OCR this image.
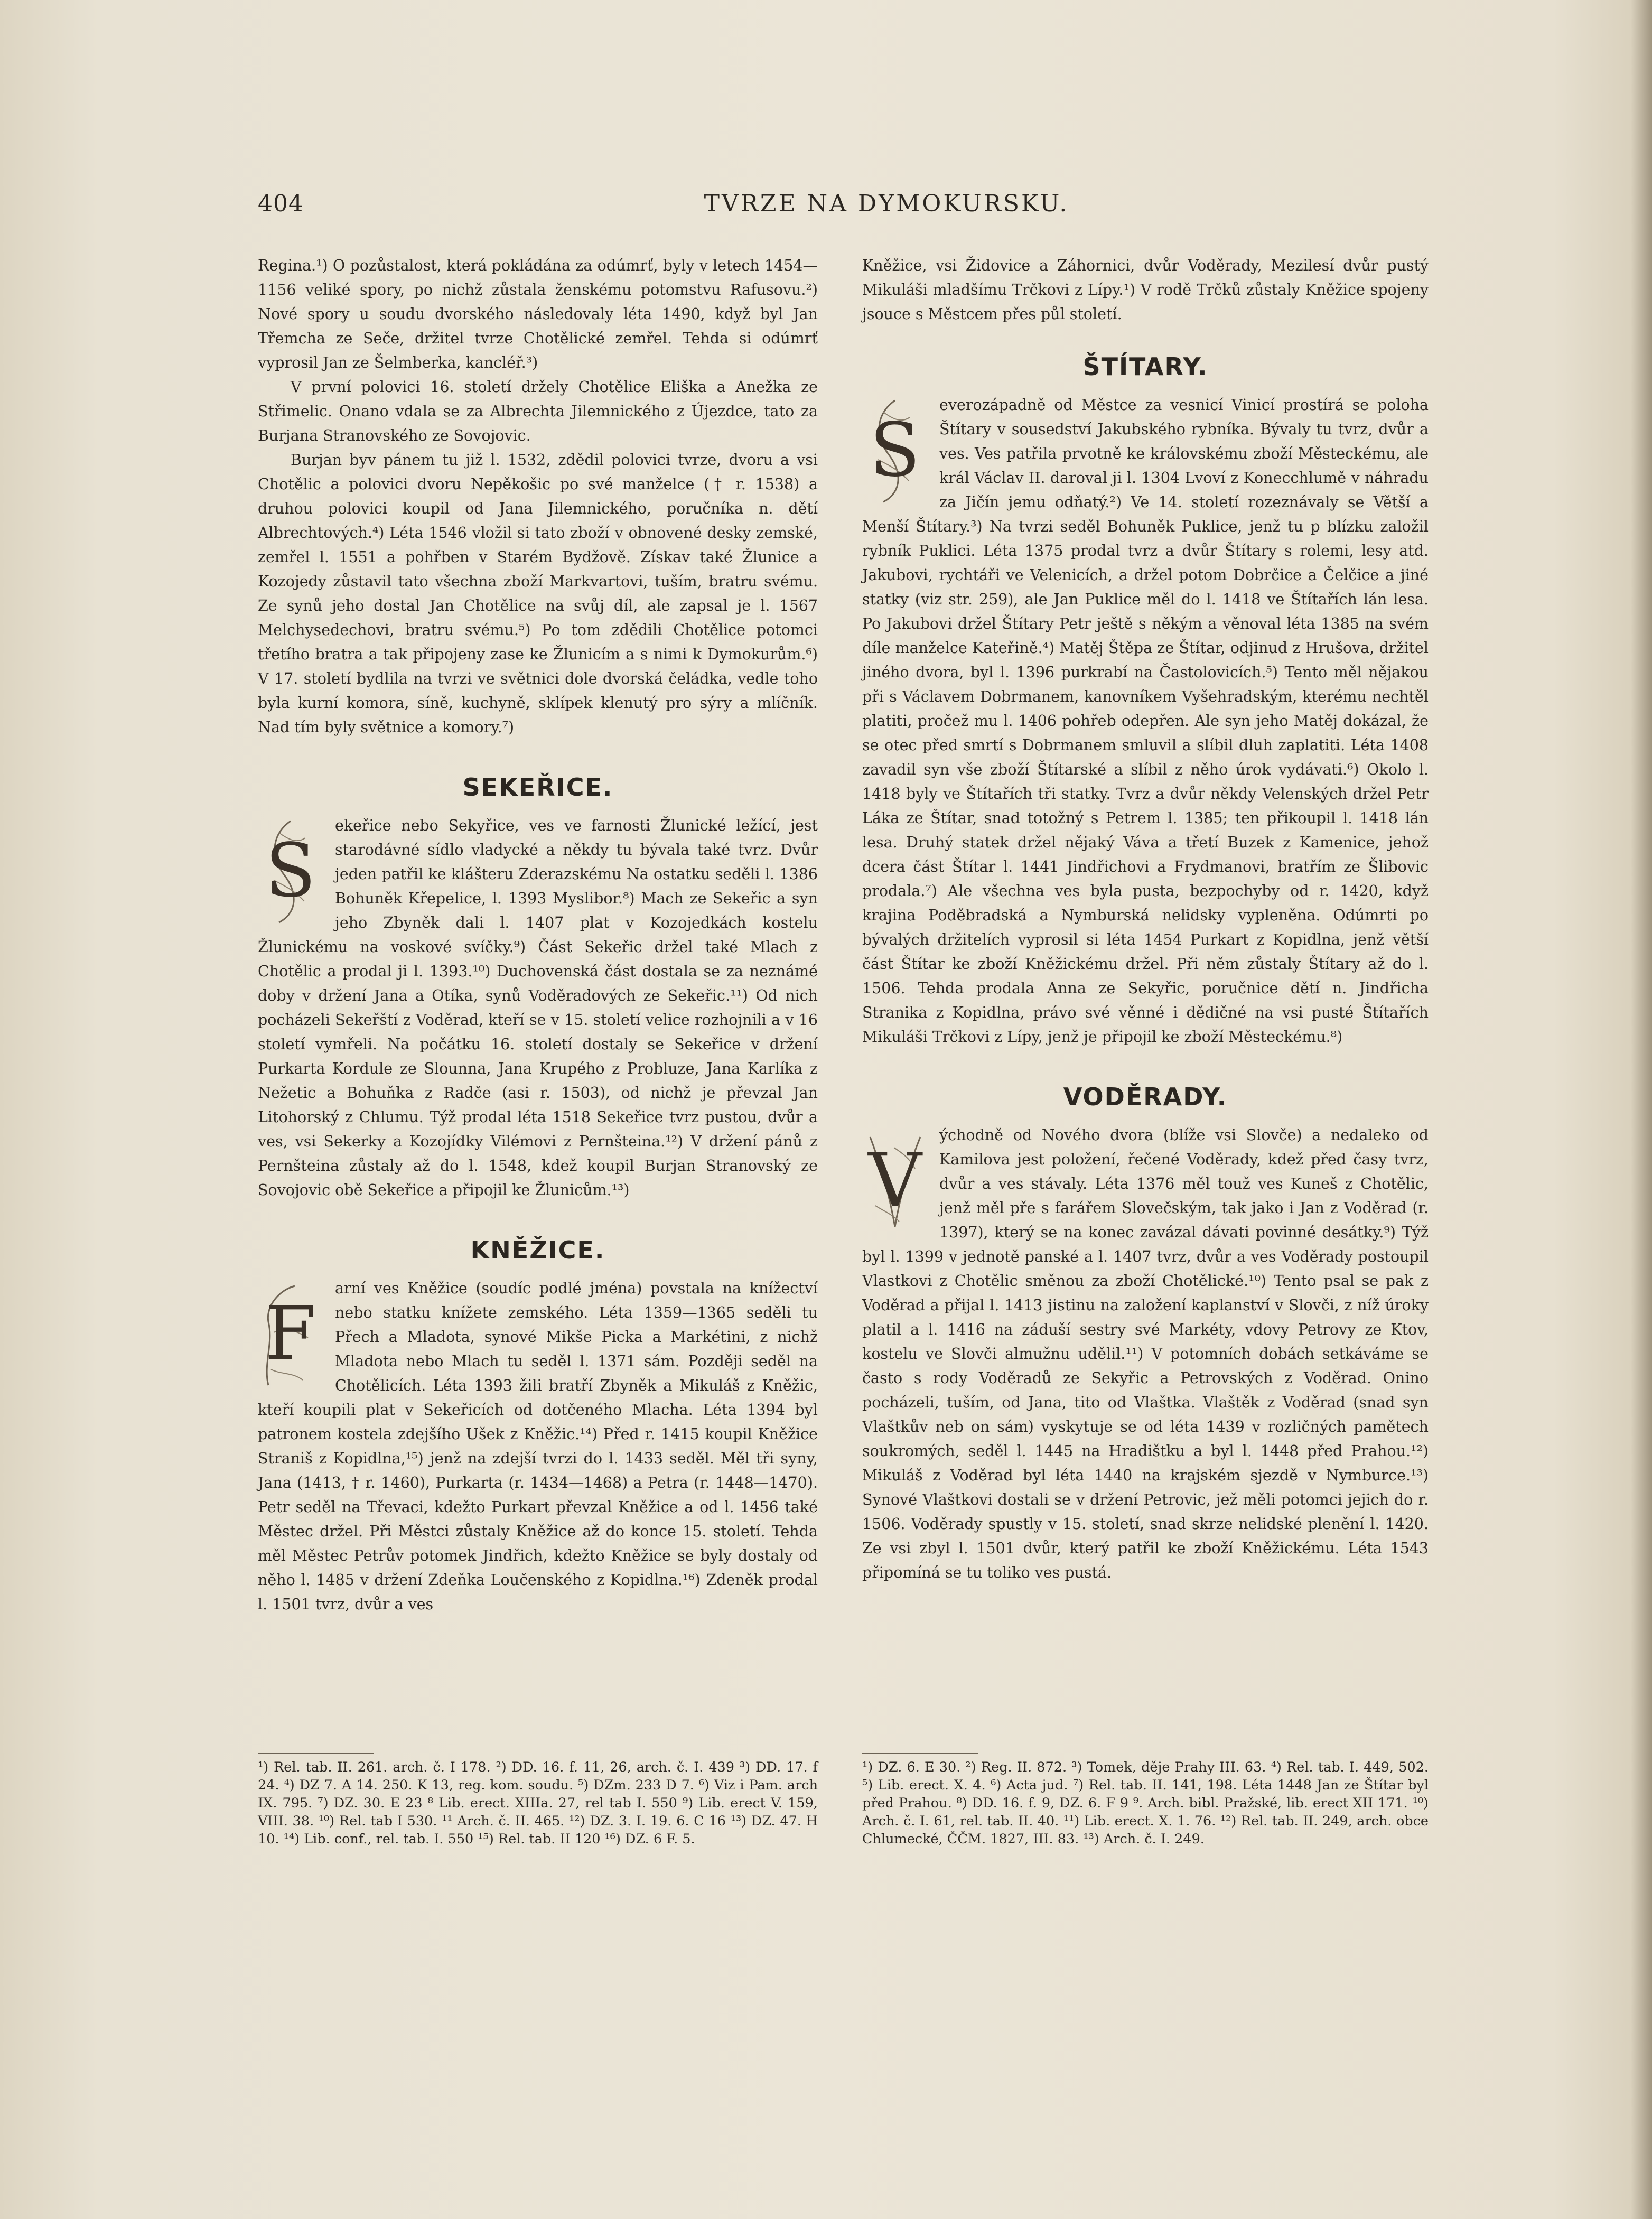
404	TVRZE NA DYMOKURSKU.

Regina.¹) O pozůstalost, která pokládána za odúmrť, byly v letech 1454—1156 veliké spory, po nichž zůstala ženskému potomstvu Rafusovu.²) Nové spory u soudu dvorského následovaly léta 1490, když byl Jan Třemcha ze Seče, držitel tvrze Chotělické zemřel. Tehda si odúmrť vyprosil Jan ze Šelmberka, kancléř.³)

V první polovici 16. století držely Chotělice Eliška a Anežka ze Střimelic. Onano vdala se za Albrechta Jilemnického z Újezdce, tato za Burjana Stranovského ze Sovojovic.

Burjan byv pánem tu již l. 1532, zdědil polovici tvrze, dvoru a vsi Chotělic a polovici dvoru Nepěkošic po své manželce († r. 1538) a druhou polovici koupil od Jana Jilemnického, poručníka n. dětí Albrechtových.⁴) Léta 1546 vložil si tato zboží v obnovené desky zemské, zemřel l. 1551 a pohřben v Starém Bydžově. Získav také Žlunice a Kozojedy zůstavil tato všechna zboží Markvartovi, tuším, bratru svému. Ze synů jeho dostal Jan Chotělice na svůj díl, ale zapsal je l. 1567 Melchysedechovi, bratru svému.⁵) Po tom zdědili Chotělice potomci třetího bratra a tak připojeny zase ke Žlunicím a s nimi k Dymokurům.⁶) V 17. století bydlila na tvrzi ve světnici dole dvorská čeládka, vedle toho byla kurní komora, síně, kuchyně, sklípek klenutý pro sýry a mlíčník. Nad tím byly světnice a komory.⁷)

SEKEŘICE.
S

ekeřice nebo Sekyřice, ves ve farnosti Žlunické ležící, jest starodávné sídlo vladycké a někdy tu bývala také tvrz. Dvůr jeden patřil ke klášteru Zderazskému Na ostatku seděli l. 1386 Bohuněk Křepelice, l. 1393 Myslibor.⁸) Mach ze Sekeřic a syn jeho Zbyněk dali l. 1407 plat v Kozojedkách kostelu Žlunickému na voskové svíčky.⁹) Část Sekeřic držel také Mlach z Chotělic a prodal ji l. 1393.¹⁰) Duchovenská část dostala se za neznámé doby v držení Jana a Otíka, synů Voděradových ze Sekeřic.¹¹) Od nich pocházeli Sekeřští z Voděrad, kteří se v 15. století velice rozhojnili a v 16 století vymřeli. Na počátku 16. století dostaly se Sekeřice v držení Purkarta Kordule ze Slounna, Jana Krupého z Probluze, Jana Karlíka z Nežetic a Bohuňka z Radče (asi r. 1503), od nichž je převzal Jan Litohorský z Chlumu. Týž prodal léta 1518 Sekeřice tvrz pustou, dvůr a ves, vsi Sekerky a Kozojídky Vilémovi z Pernšteina.¹²) V držení pánů z Pernšteina zůstaly až do l. 1548, kdež koupil Burjan Stranovský ze Sovojovic obě Sekeřice a připojil ke Žlunicům.¹³)

KNĚŽICE.
F

arní ves Kněžice (soudíc podlé jména) povstala na knížectví nebo statku knížete zemského. Léta 1359—1365 seděli tu Přech a Mladota, synové Mikše Picka a Markétini, z nichž Mladota nebo Mlach tu seděl l. 1371 sám. Později seděl na Chotělicích. Léta 1393 žili bratří Zbyněk a Mikuláš z Kněžic, kteří koupili plat v Sekeřicích od dotčeného Mlacha. Léta 1394 byl patronem kostela zdejšího Ušek z Kněžic.¹⁴) Před r. 1415 koupil Kněžice Straniš z Kopidlna,¹⁵) jenž na zdejší tvrzi do l. 1433 seděl. Měl tři syny, Jana (1413, † r. 1460), Purkarta (r. 1434—1468) a Petra (r. 1448—1470). Petr seděl na Třevaci, kdežto Purkart převzal Kněžice a od l. 1456 také Městec držel. Při Městci zůstaly Kněžice až do konce 15. století. Tehda měl Městec Petrův potomek Jindřich, kdežto Kněžice se byly dostaly od něho l. 1485 v držení Zdeňka Loučenského z Kopidlna.¹⁶) Zdeněk prodal l. 1501 tvrz, dvůr a ves

Kněžice, vsi Židovice a Záhornici, dvůr Voděrady, Mezilesí dvůr pustý Mikuláši mladšímu Trčkovi z Lípy.¹) V rodě Trčků zůstaly Kněžice spojeny jsouce s Městcem přes půl století.

ŠTÍTARY.
S

everozápadně od Městce za vesnicí Vinicí prostírá se poloha Štítary v sousedství Jakubského rybníka. Bývaly tu tvrz, dvůr a ves. Ves patřila prvotně ke královskému zboží Městeckému, ale král Václav II. daroval ji l. 1304 Lvoví z Konecchlumě v náhradu za Jičín jemu odňatý.²) Ve 14. století rozeznávaly se Větší a Menší Štítary.³) Na tvrzi seděl Bohuněk Puklice, jenž tu p blízku založil rybník Puklici. Léta 1375 prodal tvrz a dvůr Štítary s rolemi, lesy atd. Jakubovi, rychtáři ve Velenicích, a držel potom Dobrčice a Čelčice a jiné statky (viz str. 259), ale Jan Puklice měl do l. 1418 ve Štítařích lán lesa. Po Jakubovi držel Štítary Petr ještě s někým a věnoval léta 1385 na svém díle manželce Kateřině.⁴) Matěj Štěpa ze Štítar, odjinud z Hrušova, držitel jiného dvora, byl l. 1396 purkrabí na Častolovicích.⁵) Tento měl nějakou při s Václavem Dobrmanem, kanovníkem Vyšehradským, kterému nechtěl platiti, pročež mu l. 1406 pohřeb odepřen. Ale syn jeho Matěj dokázal, že se otec před smrtí s Dobrmanem smluvil a slíbil dluh zaplatiti. Léta 1408 zavadil syn vše zboží Štítarské a slíbil z něho úrok vydávati.⁶) Okolo l. 1418 byly ve Štítařích tři statky. Tvrz a dvůr někdy Velenských držel Petr Láka ze Štítar, snad totožný s Petrem l. 1385; ten přikoupil l. 1418 lán lesa. Druhý statek držel nějaký Váva a třetí Buzek z Kamenice, jehož dcera část Štítar l. 1441 Jindřichovi a Frydmanovi, bratřím ze Šlibovic prodala.⁷) Ale všechna ves byla pusta, bezpochyby od r. 1420, když krajina Poděbradská a Nymburská nelidsky vypleněna. Odúmrti po bývalých držitelích vyprosil si léta 1454 Purkart z Kopidlna, jenž větší část Štítar ke zboží Kněžickému držel. Při něm zůstaly Štítary až do l. 1506. Tehda prodala Anna ze Sekyřic, poručnice dětí n. Jindřicha Stranika z Kopidlna, právo své věnné i dědičné na vsi pusté Štítařích Mikuláši Trčkovi z Lípy, jenž je připojil ke zboží Městeckému.⁸)

VODĚRADY.
V

ýchodně od Nového dvora (blíže vsi Slovče) a nedaleko od Kamilova jest položení, řečené Voděrady, kdež před časy tvrz, dvůr a ves stávaly. Léta 1376 měl touž ves Kuneš z Chotělic, jenž měl pře s farářem Slovečským, tak jako i Jan z Voděrad (r. 1397), který se na konec zavázal dávati povinné desátky.⁹) Týž byl l. 1399 v jednotě panské a l. 1407 tvrz, dvůr a ves Voděrady postoupil Vlastkovi z Chotělic směnou za zboží Chotělické.¹⁰) Tento psal se pak z Voděrad a přijal l. 1413 jistinu na založení kaplanství v Slovči, z níž úroky platil a l. 1416 na záduší sestry své Markéty, vdovy Petrovy ze Ktov, kostelu ve Slovči almužnu udělil.¹¹) V potomních dobách setkáváme se často s rody Voděradů ze Sekyřic a Petrovských z Voděrad. Onino pocházeli, tuším, od Jana, tito od Vlaštka. Vlaštěk z Voděrad (snad syn Vlaštkův neb on sám) vyskytuje se od léta 1439 v rozličných pamětech soukromých, seděl l. 1445 na Hradištku a byl l. 1448 před Prahou.¹²) Mikuláš z Voděrad byl léta 1440 na krajském sjezdě v Nymburce.¹³) Synové Vlaštkovi dostali se v držení Petrovic, jež měli potomci jejich do r. 1506. Voděrady spustly v 15. století, snad skrze nelidské plenění l. 1420. Ze vsi zbyl l. 1501 dvůr, který patřil ke zboží Kněžickému. Léta 1543 připomíná se tu toliko ves pustá.

¹) Rel. tab. II. 261. arch. č. I 178. ²) DD. 16. f. 11, 26, arch. č. I. 439 ³) DD. 17. f 24. ⁴) DZ 7. A 14. 250. K 13, reg. kom. soudu. ⁵) DZm. 233 D 7. ⁶) Viz i Pam. arch IX. 795. ⁷) DZ. 30. E 23 ⁸ Lib. erect. XIIIa. 27, rel tab I. 550 ⁹) Lib. erect V. 159, VIII. 38. ¹⁰) Rel. tab I 530. ¹¹ Arch. č. II. 465. ¹²) DZ. 3. I. 19. 6. C 16 ¹³) DZ. 47. H 10. ¹⁴) Lib. conf., rel. tab. I. 550 ¹⁵) Rel. tab. II 120 ¹⁶) DZ. 6 F. 5.
¹) DZ. 6. E 30. ²) Reg. II. 872. ³) Tomek, děje Prahy III. 63. ⁴) Rel. tab. I. 449, 502. ⁵) Lib. erect. X. 4. ⁶) Acta jud. ⁷) Rel. tab. II. 141, 198. Léta 1448 Jan ze Štítar byl před Prahou. ⁸) DD. 16. f. 9, DZ. 6. F 9 ⁹. Arch. bibl. Pražské, lib. erect XII 171. ¹⁰) Arch. č. I. 61, rel. tab. II. 40. ¹¹) Lib. erect. X. 1. 76. ¹²) Rel. tab. II. 249, arch. obce Chlumecké, ČČM. 1827, III. 83. ¹³) Arch. č. I. 249.
